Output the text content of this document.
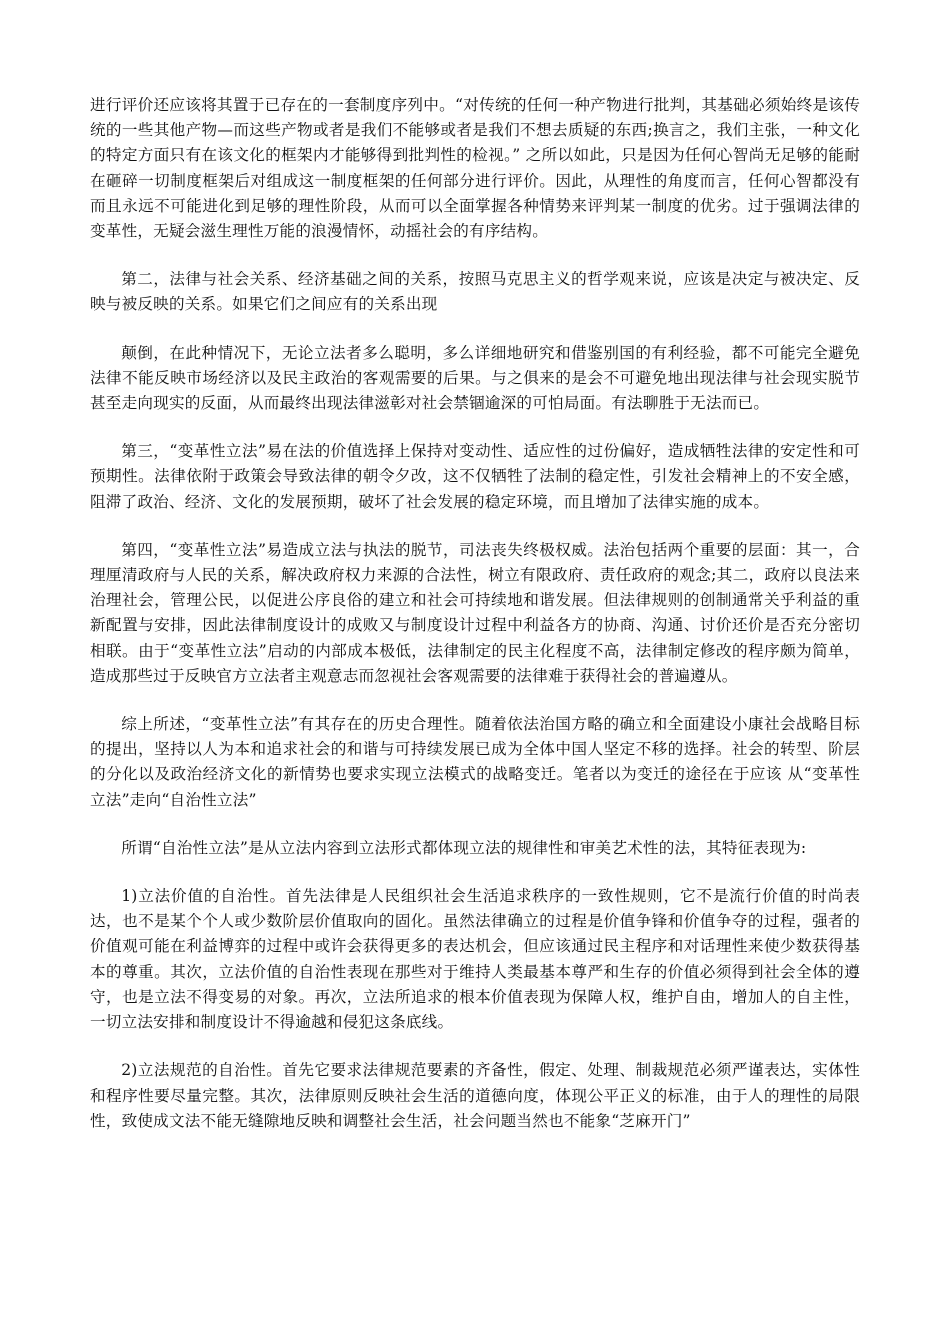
进行评价还应该将其置于已存在的一套制度序列中。“对传统的任何一种产物进行批判，其基础必须始终是该传统的一些其他产物—而这些产物或者是我们不能够或者是我们不想去质疑的东西;换言之，我们主张，一种文化的特定方面只有在该文化的框架内才能够得到批判性的检视。” 之所以如此，只是因为任何心智尚无足够的能耐在砸碎一切制度框架后对组成这一制度框架的任何部分进行评价。因此，从理性的角度而言，任何心智都没有而且永远不可能进化到足够的理性阶段，从而可以全面掌握各种情势来评判某一制度的优劣。过于强调法律的变革性，无疑会滋生理性万能的浪漫情怀，动摇社会的有序结构。

第二，法律与社会关系、经济基础之间的关系，按照马克思主义的哲学观来说，应该是决定与被决定、反映与被反映的关系。如果它们之间应有的关系出现

颠倒，在此种情况下，无论立法者多么聪明，多么详细地研究和借鉴别国的有利经验，都不可能完全避免法律不能反映市场经济以及民主政治的客观需要的后果。与之俱来的是会不可避免地出现法律与社会现实脱节甚至走向现实的反面，从而最终出现法律滋彰对社会禁锢逾深的可怕局面。有法聊胜于无法而已。

第三，“变革性立法”易在法的价值选择上保持对变动性、适应性的过份偏好，造成牺牲法律的安定性和可预期性。法律依附于政策会导致法律的朝令夕改，这不仅牺牲了法制的稳定性，引发社会精神上的不安全感，阻滞了政治、经济、文化的发展预期，破坏了社会发展的稳定环境，而且增加了法律实施的成本。

第四，“变革性立法”易造成立法与执法的脱节，司法丧失终极权威。法治包括两个重要的层面：其一，合理厘清政府与人民的关系，解决政府权力来源的合法性，树立有限政府、责任政府的观念;其二，政府以良法来治理社会，管理公民，以促进公序良俗的建立和社会可持续地和谐发展。但法律规则的创制通常关乎利益的重新配置与安排，因此法律制度设计的成败又与制度设计过程中利益各方的协商、沟通、讨价还价是否充分密切相联。由于“变革性立法”启动的内部成本极低，法律制定的民主化程度不高，法律制定修改的程序颇为简单，造成那些过于反映官方立法者主观意志而忽视社会客观需要的法律难于获得社会的普遍遵从。

综上所述，“变革性立法”有其存在的历史合理性。随着依法治国方略的确立和全面建设小康社会战略目标的提出，坚持以人为本和追求社会的和谐与可持续发展已成为全体中国人坚定不移的选择。社会的转型、阶层的分化以及政治经济文化的新情势也要求实现立法模式的战略变迁。笔者以为变迁的途径在于应该 从“变革性立法”走向“自治性立法”

所谓“自治性立法”是从立法内容到立法形式都体现立法的规律性和审美艺术性的法，其特征表现为:

1)立法价值的自治性。首先法律是人民组织社会生活追求秩序的一致性规则，它不是流行价值的时尚表达，也不是某个个人或少数阶层价值取向的固化。虽然法律确立的过程是价值争锋和价值争夺的过程，强者的价值观可能在利益博弈的过程中或许会获得更多的表达机会，但应该通过民主程序和对话理性来使少数获得基本的尊重。其次，立法价值的自治性表现在那些对于维持人类最基本尊严和生存的价值必须得到社会全体的遵守，也是立法不得变易的对象。再次，立法所追求的根本价值表现为保障人权，维护自由，增加人的自主性，一切立法安排和制度设计不得逾越和侵犯这条底线。

2)立法规范的自治性。首先它要求法律规范要素的齐备性，假定、处理、制裁规范必须严谨表达，实体性和程序性要尽量完整。其次，法律原则反映社会生活的道德向度，体现公平正义的标准，由于人的理性的局限性，致使成文法不能无缝隙地反映和调整社会生活，社会问题当然也不能象“芝麻开门”
